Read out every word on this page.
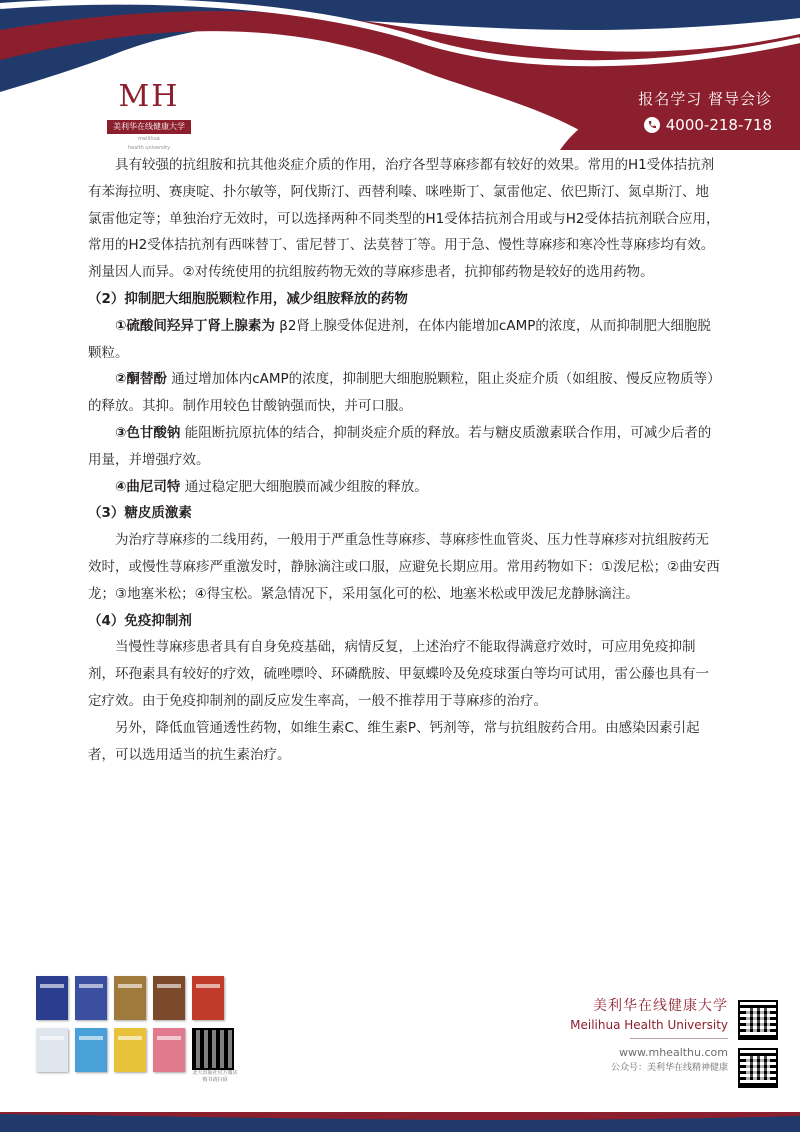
MH
美利华在线健康大学
meilihua
health university
报名学习 督导会诊
4000-218-718

具有较强的抗组胺和抗其他炎症介质的作用，治疗各型荨麻疹都有较好的效果。常用的H1受体拮抗剂有苯海拉明、赛庚啶、扑尔敏等，阿伐斯汀、西替利嗪、咪唑斯丁、氯雷他定、依巴斯汀、氮卓斯汀、地氯雷他定等；单独治疗无效时，可以选择两种不同类型的H1受体拮抗剂合用或与H2受体拮抗剂联合应用，常用的H2受体拮抗剂有西咪替丁、雷尼替丁、法莫替丁等。用于急、慢性荨麻疹和寒冷性荨麻疹均有效。剂量因人而异。②对传统使用的抗组胺药物无效的荨麻疹患者，抗抑郁药物是较好的选用药物。

（2）抑制肥大细胞脱颗粒作用，减少组胺释放的药物

①硫酸间羟异丁肾上腺素为 β2肾上腺受体促进剂，在体内能增加cAMP的浓度，从而抑制肥大细胞脱颗粒。

②酮替酚 通过增加体内cAMP的浓度，抑制肥大细胞脱颗粒，阻止炎症介质（如组胺、慢反应物质等）的释放。其抑。制作用较色甘酸钠强而快，并可口服。

③色甘酸钠 能阻断抗原抗体的结合，抑制炎症介质的释放。若与糖皮质激素联合作用，可减少后者的用量，并增强疗效。

④曲尼司特 通过稳定肥大细胞膜而减少组胺的释放。

（3）糖皮质激素

为治疗荨麻疹的二线用药，一般用于严重急性荨麻疹、荨麻疹性血管炎、压力性荨麻疹对抗组胺药无效时，或慢性荨麻疹严重激发时，静脉滴注或口服，应避免长期应用。常用药物如下：①泼尼松；②曲安西龙；③地塞米松；④得宝松。紧急情况下，采用氢化可的松、地塞米松或甲泼尼龙静脉滴注。

（4）免疫抑制剂

当慢性荨麻疹患者具有自身免疫基础，病情反复，上述治疗不能取得满意疗效时，可应用免疫抑制剂，环孢素具有较好的疗效，硫唑嘌呤、环磷酰胺、甲氨蝶呤及免疫球蛋白等均可试用，雷公藤也具有一定疗效。由于免疫抑制剂的副反应发生率高，一般不推荐用于荨麻疹的治疗。

另外，降低血管通透性药物，如维生素C、维生素P、钙剂等，常与抗组胺药合用。由感染因素引起者，可以选用适当的抗生素治疗。

北大出版社官方微店
购书请扫码
美利华在线健康大学
Meilihua Health University
www.mhealthu.com
公众号：美利华在线精神健康
